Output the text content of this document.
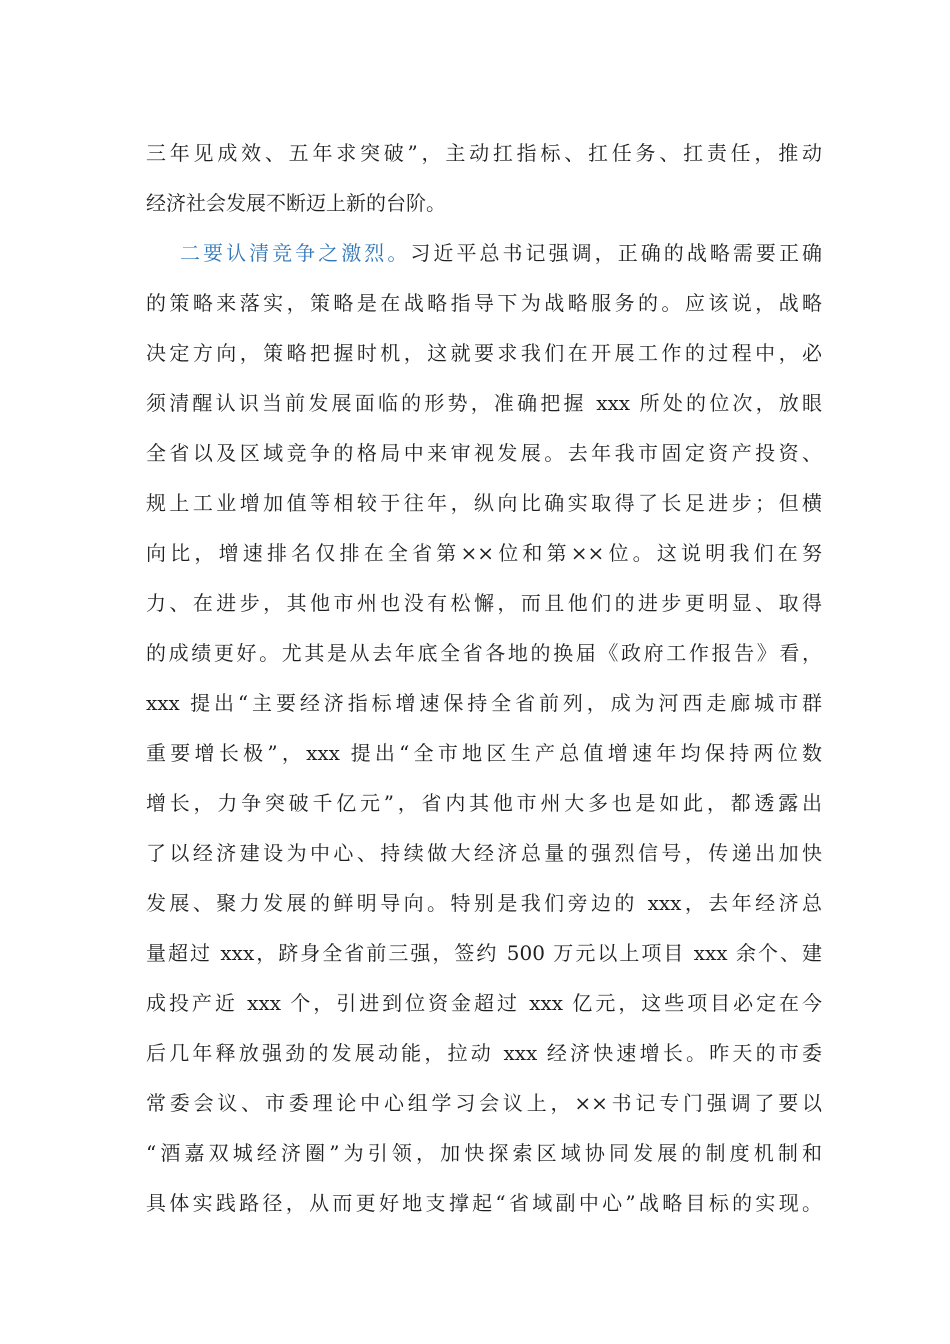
三年见成效、五年求突破”，主动扛指标、扛任务、扛责任，推动
经济社会发展不断迈上新的台阶。
二要认清竞争之激烈。习近平总书记强调，正确的战略需要正确
的策略来落实，策略是在战略指导下为战略服务的。应该说，战略
决定方向，策略把握时机，这就要求我们在开展工作的过程中，必
须清醒认识当前发展面临的形势，准确把握 xxx 所处的位次，放眼
全省以及区域竞争的格局中来审视发展。去年我市固定资产投资、
规上工业增加值等相较于往年，纵向比确实取得了长足进步；但横
向比，增速排名仅排在全省第××位和第××位。这说明我们在努
力、在进步，其他市州也没有松懈，而且他们的进步更明显、取得
的成绩更好。尤其是从去年底全省各地的换届《政府工作报告》看，
xxx 提出“主要经济指标增速保持全省前列，成为河西走廊城市群
重要增长极”，xxx 提出“全市地区生产总值增速年均保持两位数
增长，力争突破千亿元”，省内其他市州大多也是如此，都透露出
了以经济建设为中心、持续做大经济总量的强烈信号，传递出加快
发展、聚力发展的鲜明导向。特别是我们旁边的 xxx，去年经济总
量超过 xxx，跻身全省前三强，签约 500 万元以上项目 xxx 余个、建
成投产近 xxx 个，引进到位资金超过 xxx 亿元，这些项目必定在今
后几年释放强劲的发展动能，拉动 xxx 经济快速增长。昨天的市委
常委会议、市委理论中心组学习会议上，××书记专门强调了要以
“酒嘉双城经济圈”为引领，加快探索区域协同发展的制度机制和
具体实践路径，从而更好地支撑起“省域副中心”战略目标的实现。
